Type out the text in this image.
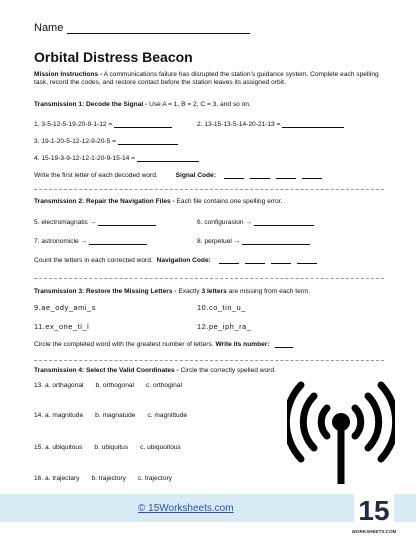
Name
Orbital Distress Beacon
Mission Instructions - A communications failure has disrupted the station's guidance system. Complete each spelling task, record the codes, and restore contact before the station leaves its assigned orbit.
Transmission 1: Decode the Signal - Use A = 1, B = 2, C = 3, and so on.
1. 3-5-12-5-19-20-9-1-12 =	2. 13-15-13-5-14-20-21-13 =
3. 19-1-20-5-12-12-9-20-5 =
4. 15-19-3-9-12-12-1-20-9-15-14 =
Write the first letter of each decoded word.	Signal Code:
Transmission 2: Repair the Navigation Files - Each file contains one spelling error.
5. electromagnatic →	6. configurasion →
7. astronomicle →	8. perpetuel →
Count the letters in each corrected word. Navigation Code:
Transmission 3: Restore the Missing Letters - Exactly 3 letters are missing from each term.
9.ae_ody_ami_s	10.co_tin_u_
11.ex_one_ti_l	12.pe_iph_ra_
Circle the completed word with the greatest number of letters. Write its number:
Transmission 4: Select the Valid Coordinates - Circle the correctly spelled word.
13. a. orthagonal b. orthogonal c. orthoginal
14. a. magnitude b. magnatude c. magnittude
15. a. ubiquitous b. ubiquitus c. ubiquoitous
16. a. trajectary b. trajectory c. trajectory
© 15Worksheets.com	15
WORKSHEETS.COM
